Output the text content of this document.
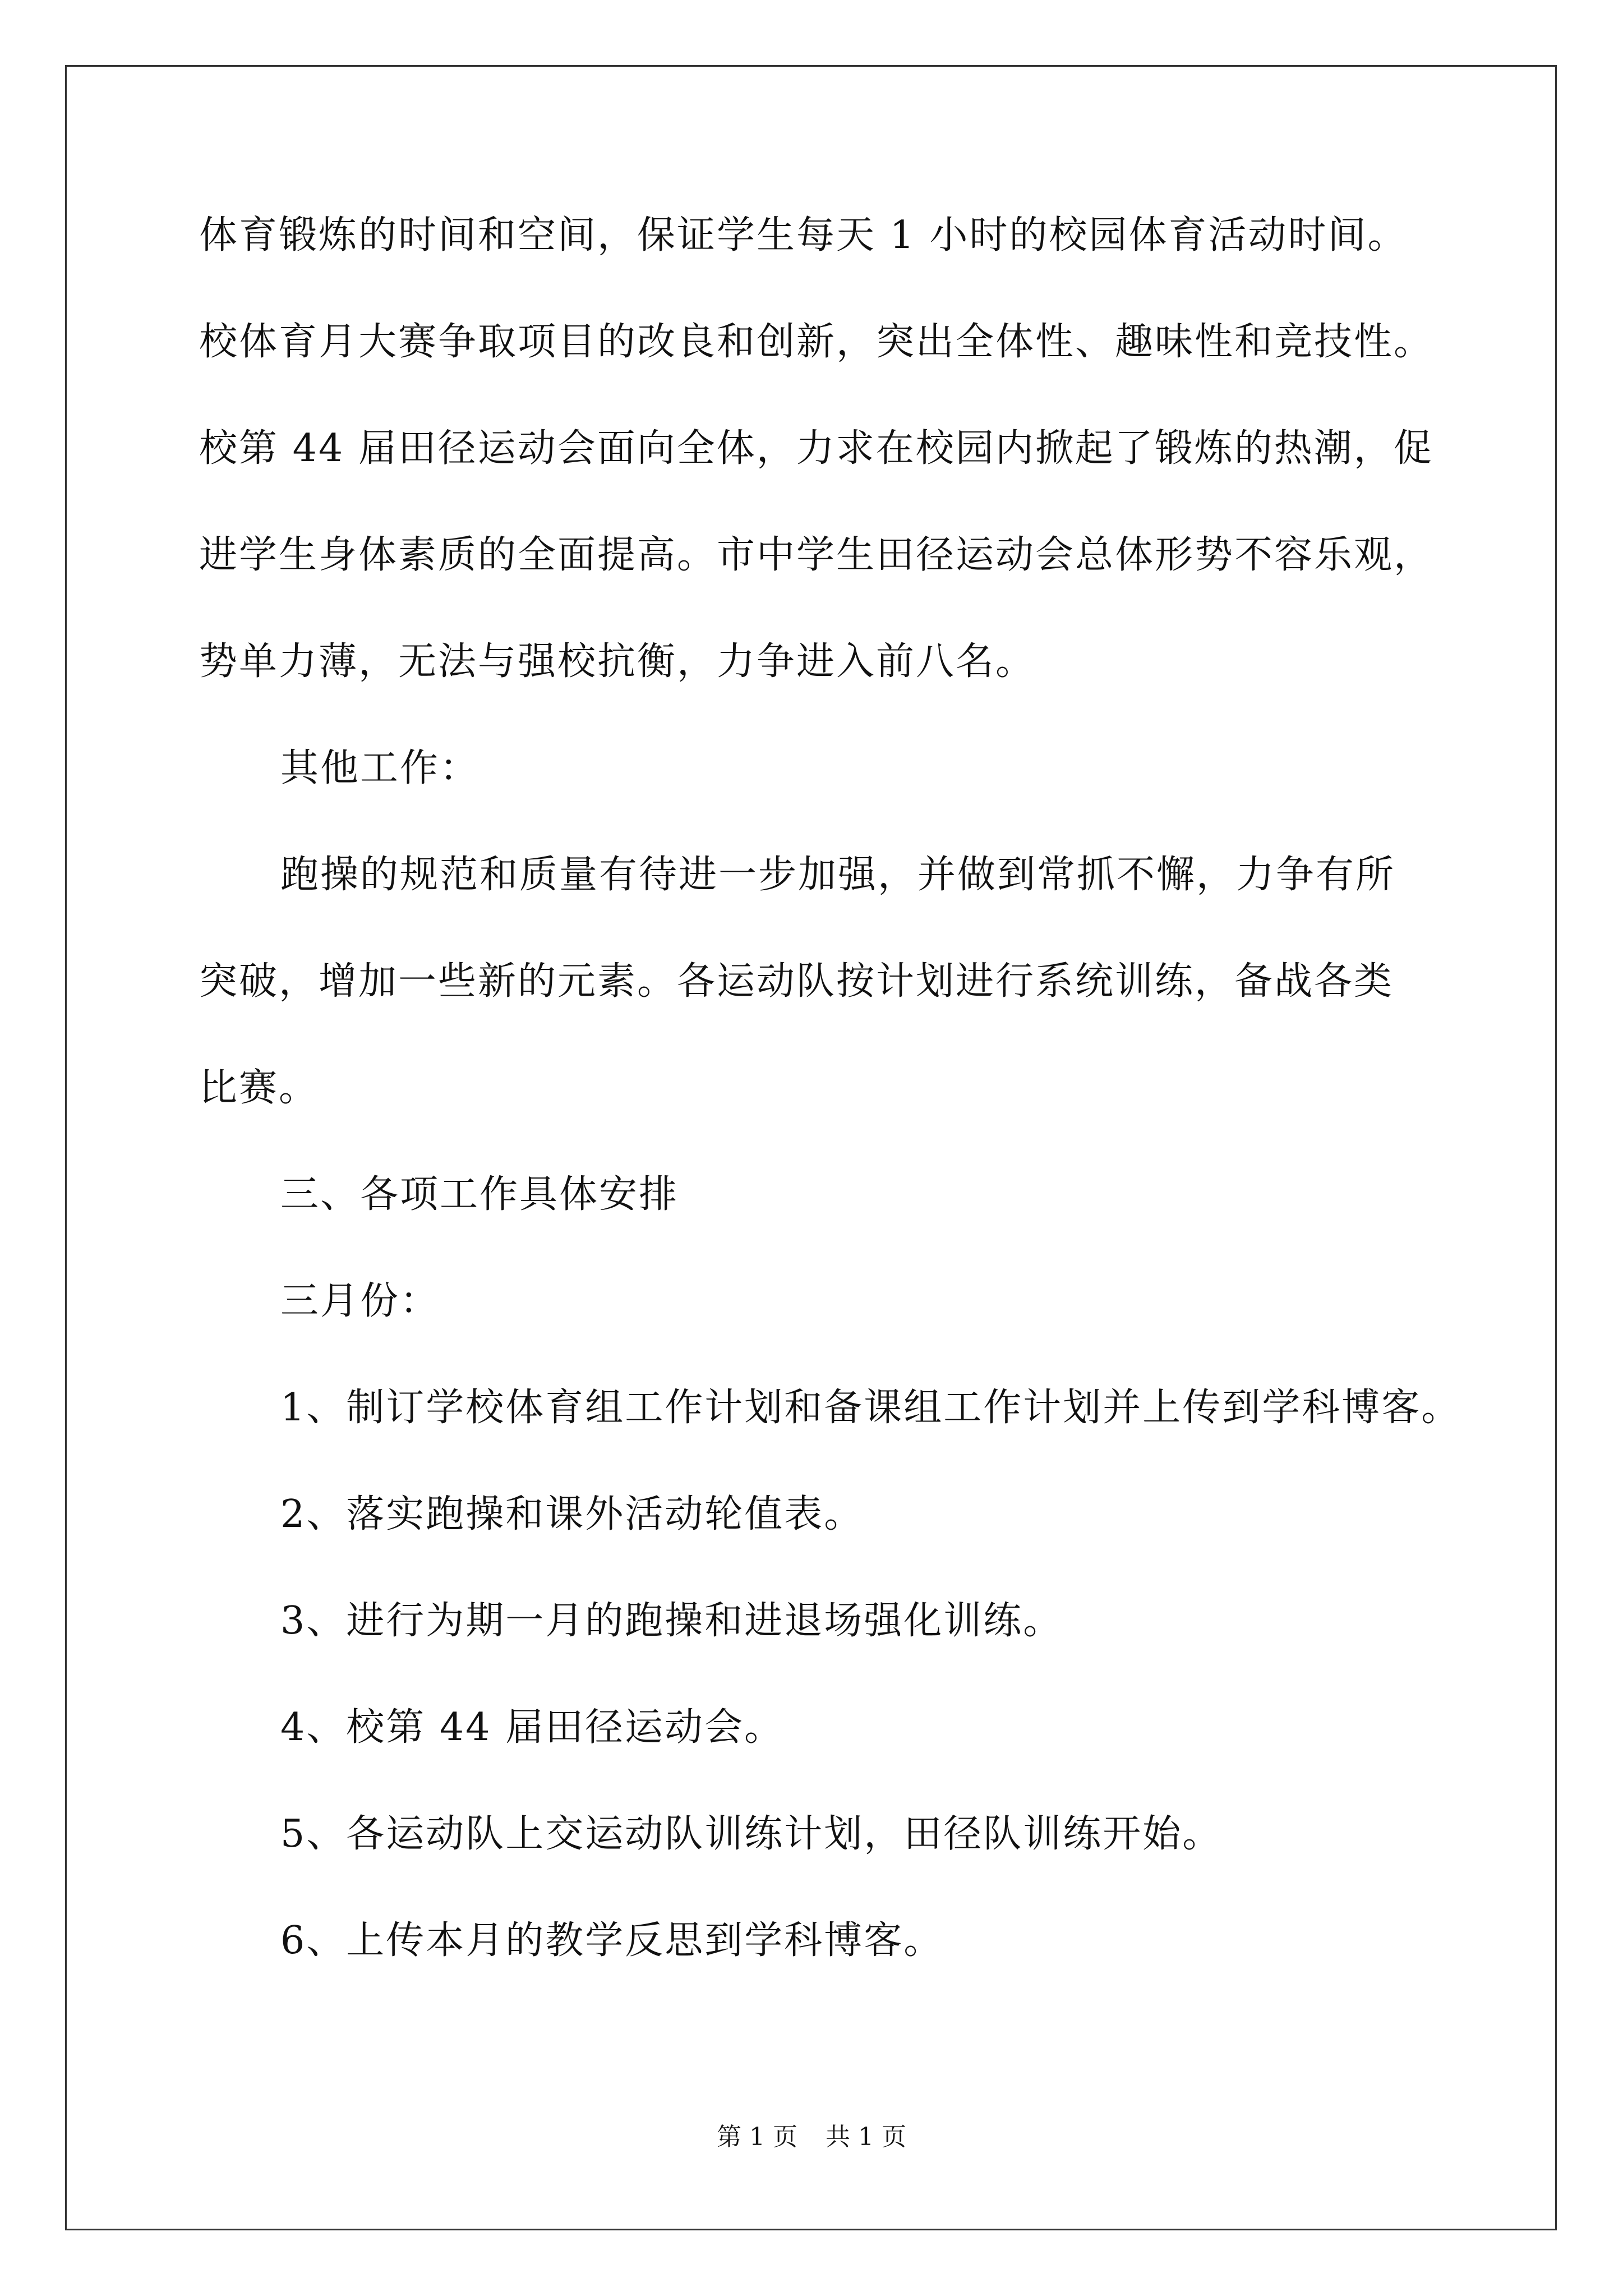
体育锻炼的时间和空间，保证学生每天 1 小时的校园体育活动时间。
校体育月大赛争取项目的改良和创新，突出全体性、趣味性和竞技性。
校第 44 届田径运动会面向全体，力求在校园内掀起了锻炼的热潮，促
进学生身体素质的全面提高。市中学生田径运动会总体形势不容乐观，
势单力薄，无法与强校抗衡，力争进入前八名。
其他工作：
跑操的规范和质量有待进一步加强，并做到常抓不懈，力争有所
突破，增加一些新的元素。各运动队按计划进行系统训练，备战各类
比赛。
三、各项工作具体安排
三月份：
1、制订学校体育组工作计划和备课组工作计划并上传到学科博客。
2、落实跑操和课外活动轮值表。
3、进行为期一月的跑操和进退场强化训练。
4、校第 44 届田径运动会。
5、各运动队上交运动队训练计划，田径队训练开始。
6、上传本月的教学反思到学科博客。
第 1 页 共 1 页
